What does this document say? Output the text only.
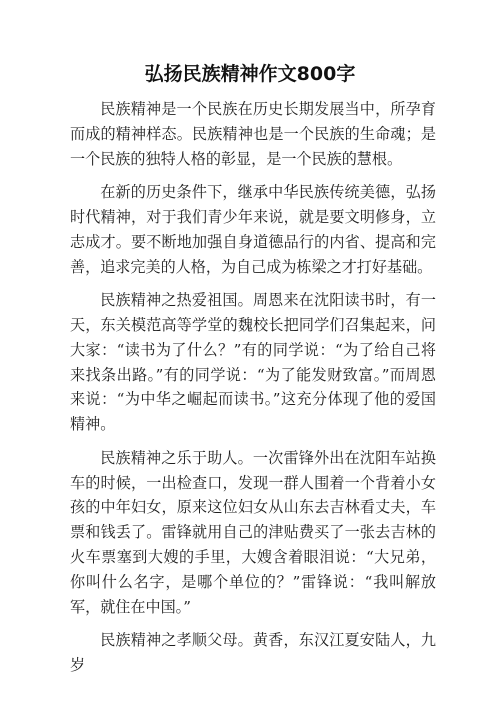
弘扬民族精神作文800字

民族精神是一个民族在历史长期发展当中，所孕育而成的精神样态。民族精神也是一个民族的生命魂；是一个民族的独特人格的彰显，是一个民族的慧根。

在新的历史条件下，继承中华民族传统美德，弘扬时代精神，对于我们青少年来说，就是要文明修身，立志成才。要不断地加强自身道德品行的内省、提高和完善，追求完美的人格，为自己成为栋梁之才打好基础。

民族精神之热爱祖国。周恩来在沈阳读书时，有一天，东关模范高等学堂的魏校长把同学们召集起来，问大家：“读书为了什么？”有的同学说：“为了给自己将来找条出路。”有的同学说：“为了能发财致富。”而周恩来说：“为中华之崛起而读书。”这充分体现了他的爱国精神。

民族精神之乐于助人。一次雷锋外出在沈阳车站换车的时候，一出检查口，发现一群人围着一个背着小女孩的中年妇女，原来这位妇女从山东去吉林看丈夫，车票和钱丢了。雷锋就用自己的津贴费买了一张去吉林的火车票塞到大嫂的手里，大嫂含着眼泪说：“大兄弟，你叫什么名字，是哪个单位的？”雷锋说：“我叫解放军，就住在中国。”

民族精神之孝顺父母。黄香，东汉江夏安陆人，九岁
